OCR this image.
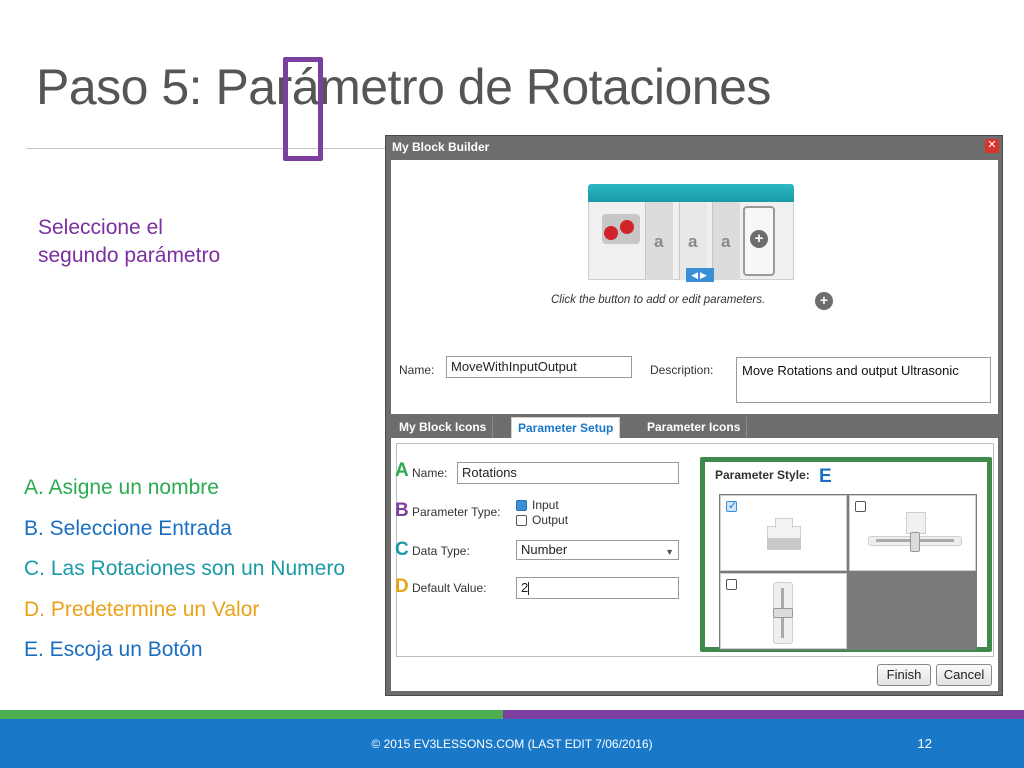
Paso 5: Parámetro de Rotaciones
Seleccione el
segundo parámetro
A. Asigne un nombre
B. Seleccione Entrada
C. Las Rotaciones son un Numero
D. Predetermine un Valor
E. Escoja un Botón
My Block Builder	✕
a a a	+
◀▶
Click the button to add or edit parameters.	+
Name:	MoveWithInputOutput	Description:	Move Rotations and output Ultrasonic
My Block Icons	Parameter Setup	Parameter Icons
A Name:	Rotations
B Parameter Type:	Input
Output
C Data Type:	Number	▼
D Default Value:	2
Parameter Style: E
✓
Finish	Cancel
© 2015 EV3LESSONS.COM (LAST EDIT 7/06/2016)	12
